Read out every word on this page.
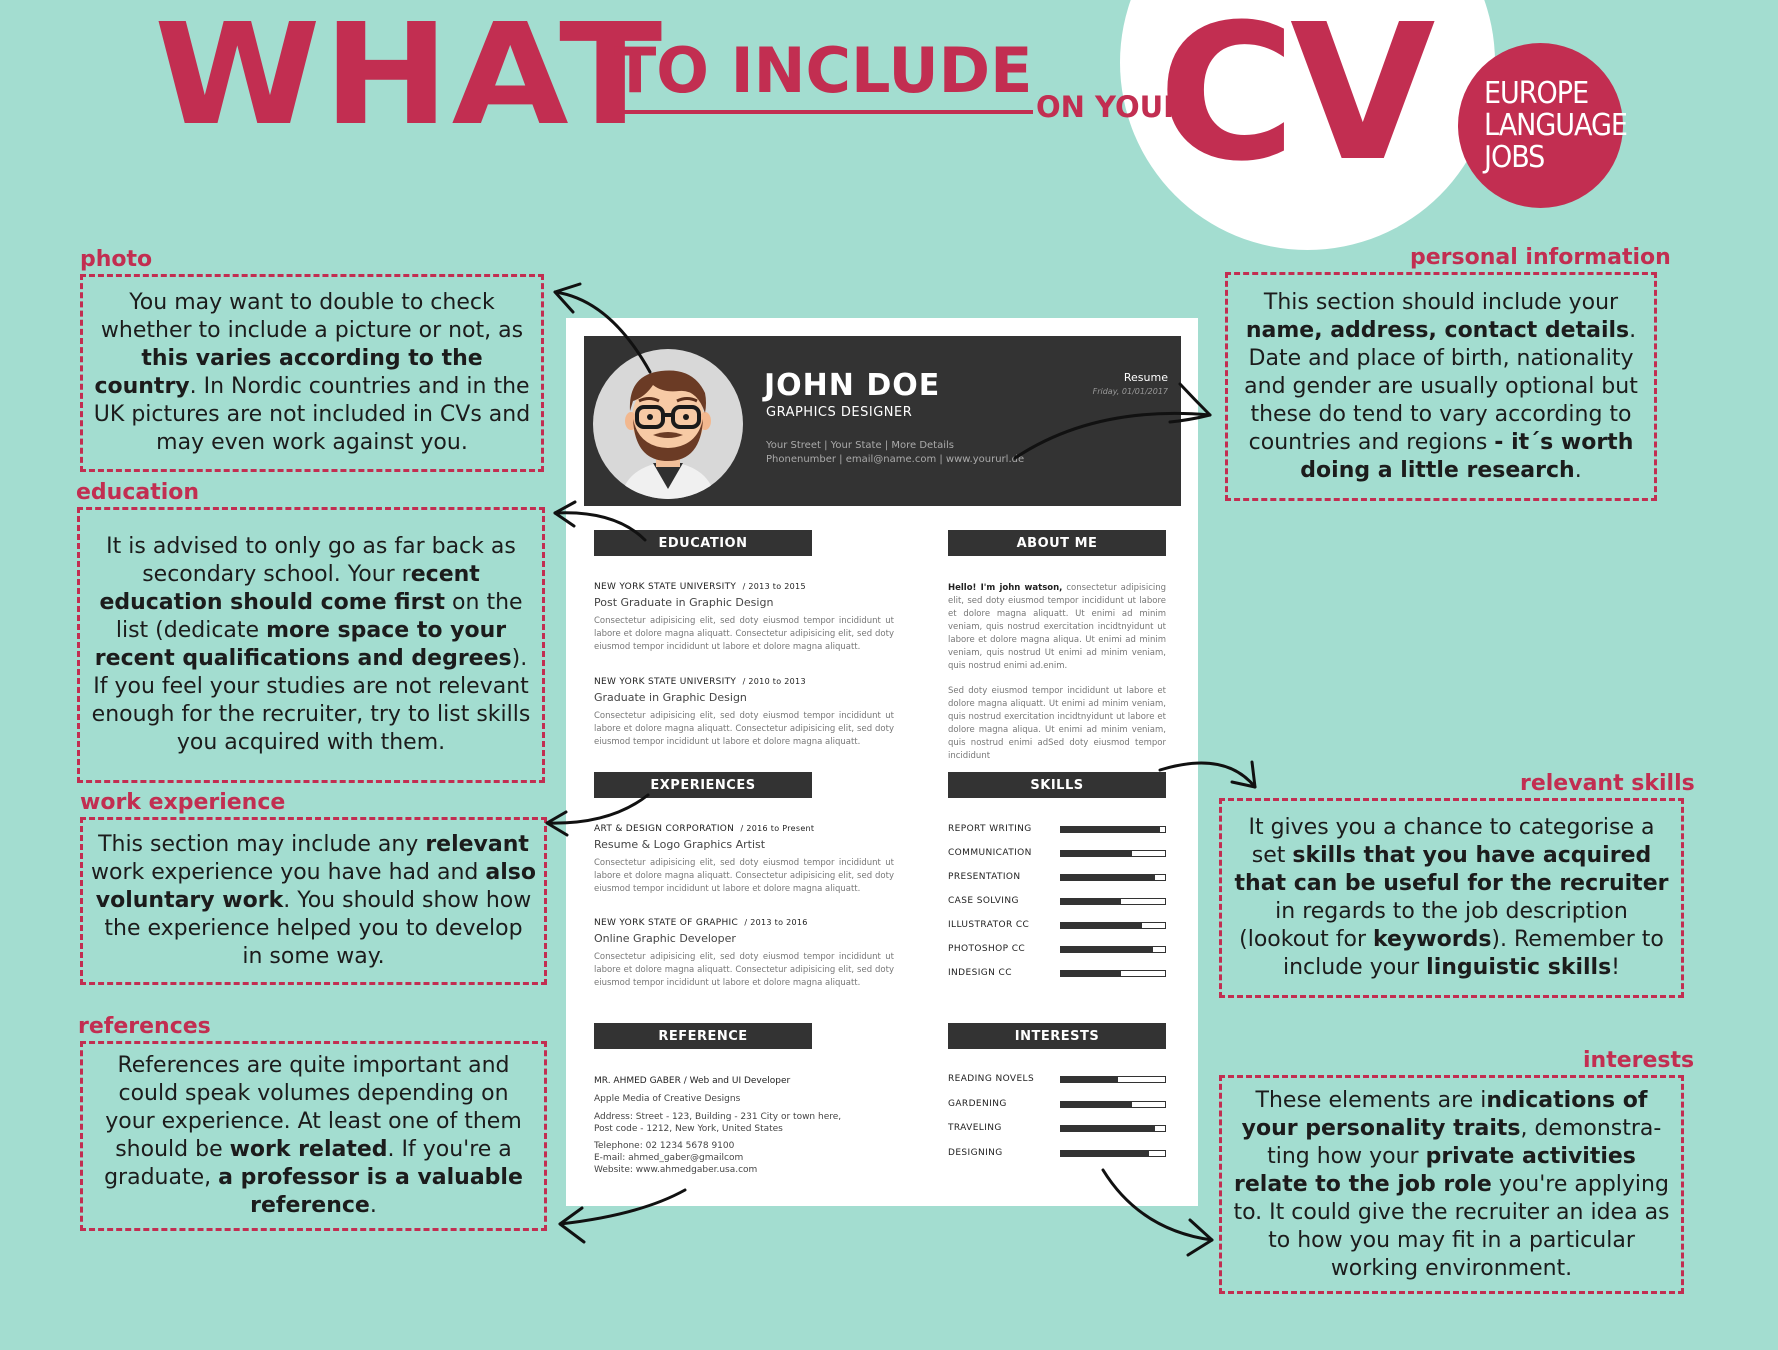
WHAT
TO INCLUDE ON YOUR
CV EUROPE
LANGUAGE
JOBS
photo

You may want to double to check whether to include a picture or not, as this varies according to the country. In Nordic countries and in the UK pictures are not included in CVs and may even work against you.

education

It is advised to only go as far back as secondary school. Your recent education should come first on the list (dedicate more space to your recent qualifications and degrees). If you feel your studies are not relevant enough for the recruiter, try to list skills you acquired with them.

work experience

This section may include any relevant work experience you have had and also voluntary work. You should show how the experience helped you to develop in some way.

references

References are quite important and could speak volumes depending on your experience. At least one of them should be work related. If you're a graduate, a professor is a valuable reference.

personal information

This section should include your name, address, contact details. Date and place of birth, nationality and gender are usually optional but these do tend to vary according to countries and regions - it´s worth doing a little research.

relevant skills

It gives you a chance to categorise a set skills that you have acquired that can be useful for the recruiter in regards to the job description (lookout for keywords). Remember to include your linguistic skills!

interests

These elements are indications of your personality traits, demonstra-ting how your private activities relate to the job role you're applying to. It could give the recruiter an idea as to how you may fit in a particular working environment.

JOHN DOE
GRAPHICS DESIGNER
Your Street | Your State | More Details
Phonenumber | email@name.com | www.yoururl.de
Resume
Friday, 01/01/2017
EDUCATION
NEW YORK STATE UNIVERSITY / 2013 to 2015
Post Graduate in Graphic Design
Consectetur adipisicing elit, sed doty eiusmod tempor incididunt ut labore et dolore magna aliquatt. Consectetur adipisicing elit, sed doty eiusmod tempor incididunt ut labore et dolore magna aliquatt.
NEW YORK STATE UNIVERSITY / 2010 to 2013
Graduate in Graphic Design
Consectetur adipisicing elit, sed doty eiusmod tempor incididunt ut labore et dolore magna aliquatt. Consectetur adipisicing elit, sed doty eiusmod tempor incididunt ut labore et dolore magna aliquatt.
ABOUT ME
Hello! I'm john watson, consectetur adipisicing elit, sed doty eiusmod tempor incididunt ut labore et dolore magna aliquatt. Ut enimi ad minim veniam, quis nostrud exercitation incidtnyidunt ut labore et dolore magna aliqua. Ut enimi ad minim veniam, quis nostrud Ut enimi ad minim veniam, quis nostrud enimi ad.enim.
Sed doty eiusmod tempor incididunt ut labore et dolore magna aliquatt. Ut enimi ad minim veniam, quis nostrud exercitation incidtnyidunt ut labore et dolore magna aliqua. Ut enimi ad minim veniam, quis nostrud enimi adSed doty eiusmod tempor incididunt
EXPERIENCES
ART & DESIGN CORPORATION / 2016 to Present
Resume & Logo Graphics Artist
Consectetur adipisicing elit, sed doty eiusmod tempor incididunt ut labore et dolore magna aliquatt. Consectetur adipisicing elit, sed doty eiusmod tempor incididunt ut labore et dolore magna aliquatt.
NEW YORK STATE OF GRAPHIC / 2013 to 2016
Online Graphic Developer
Consectetur adipisicing elit, sed doty eiusmod tempor incididunt ut labore et dolore magna aliquatt. Consectetur adipisicing elit, sed doty eiusmod tempor incididunt ut labore et dolore magna aliquatt.
SKILLS
REPORT WRITING
COMMUNICATION
PRESENTATION
CASE SOLVING
ILLUSTRATOR CC
PHOTOSHOP CC
INDESIGN CC
REFERENCE
MR. AHMED GABER / Web and UI Developer
Apple Media of Creative Designs
Address: Street - 123, Building - 231 City or town here,
Post code - 1212, New York, United States
Telephone: 02 1234 5678 9100
E-mail: ahmed_gaber@gmailcom
Website: www.ahmedgaber.usa.com
INTERESTS
READING NOVELS
GARDENING
TRAVELING
DESIGNING
